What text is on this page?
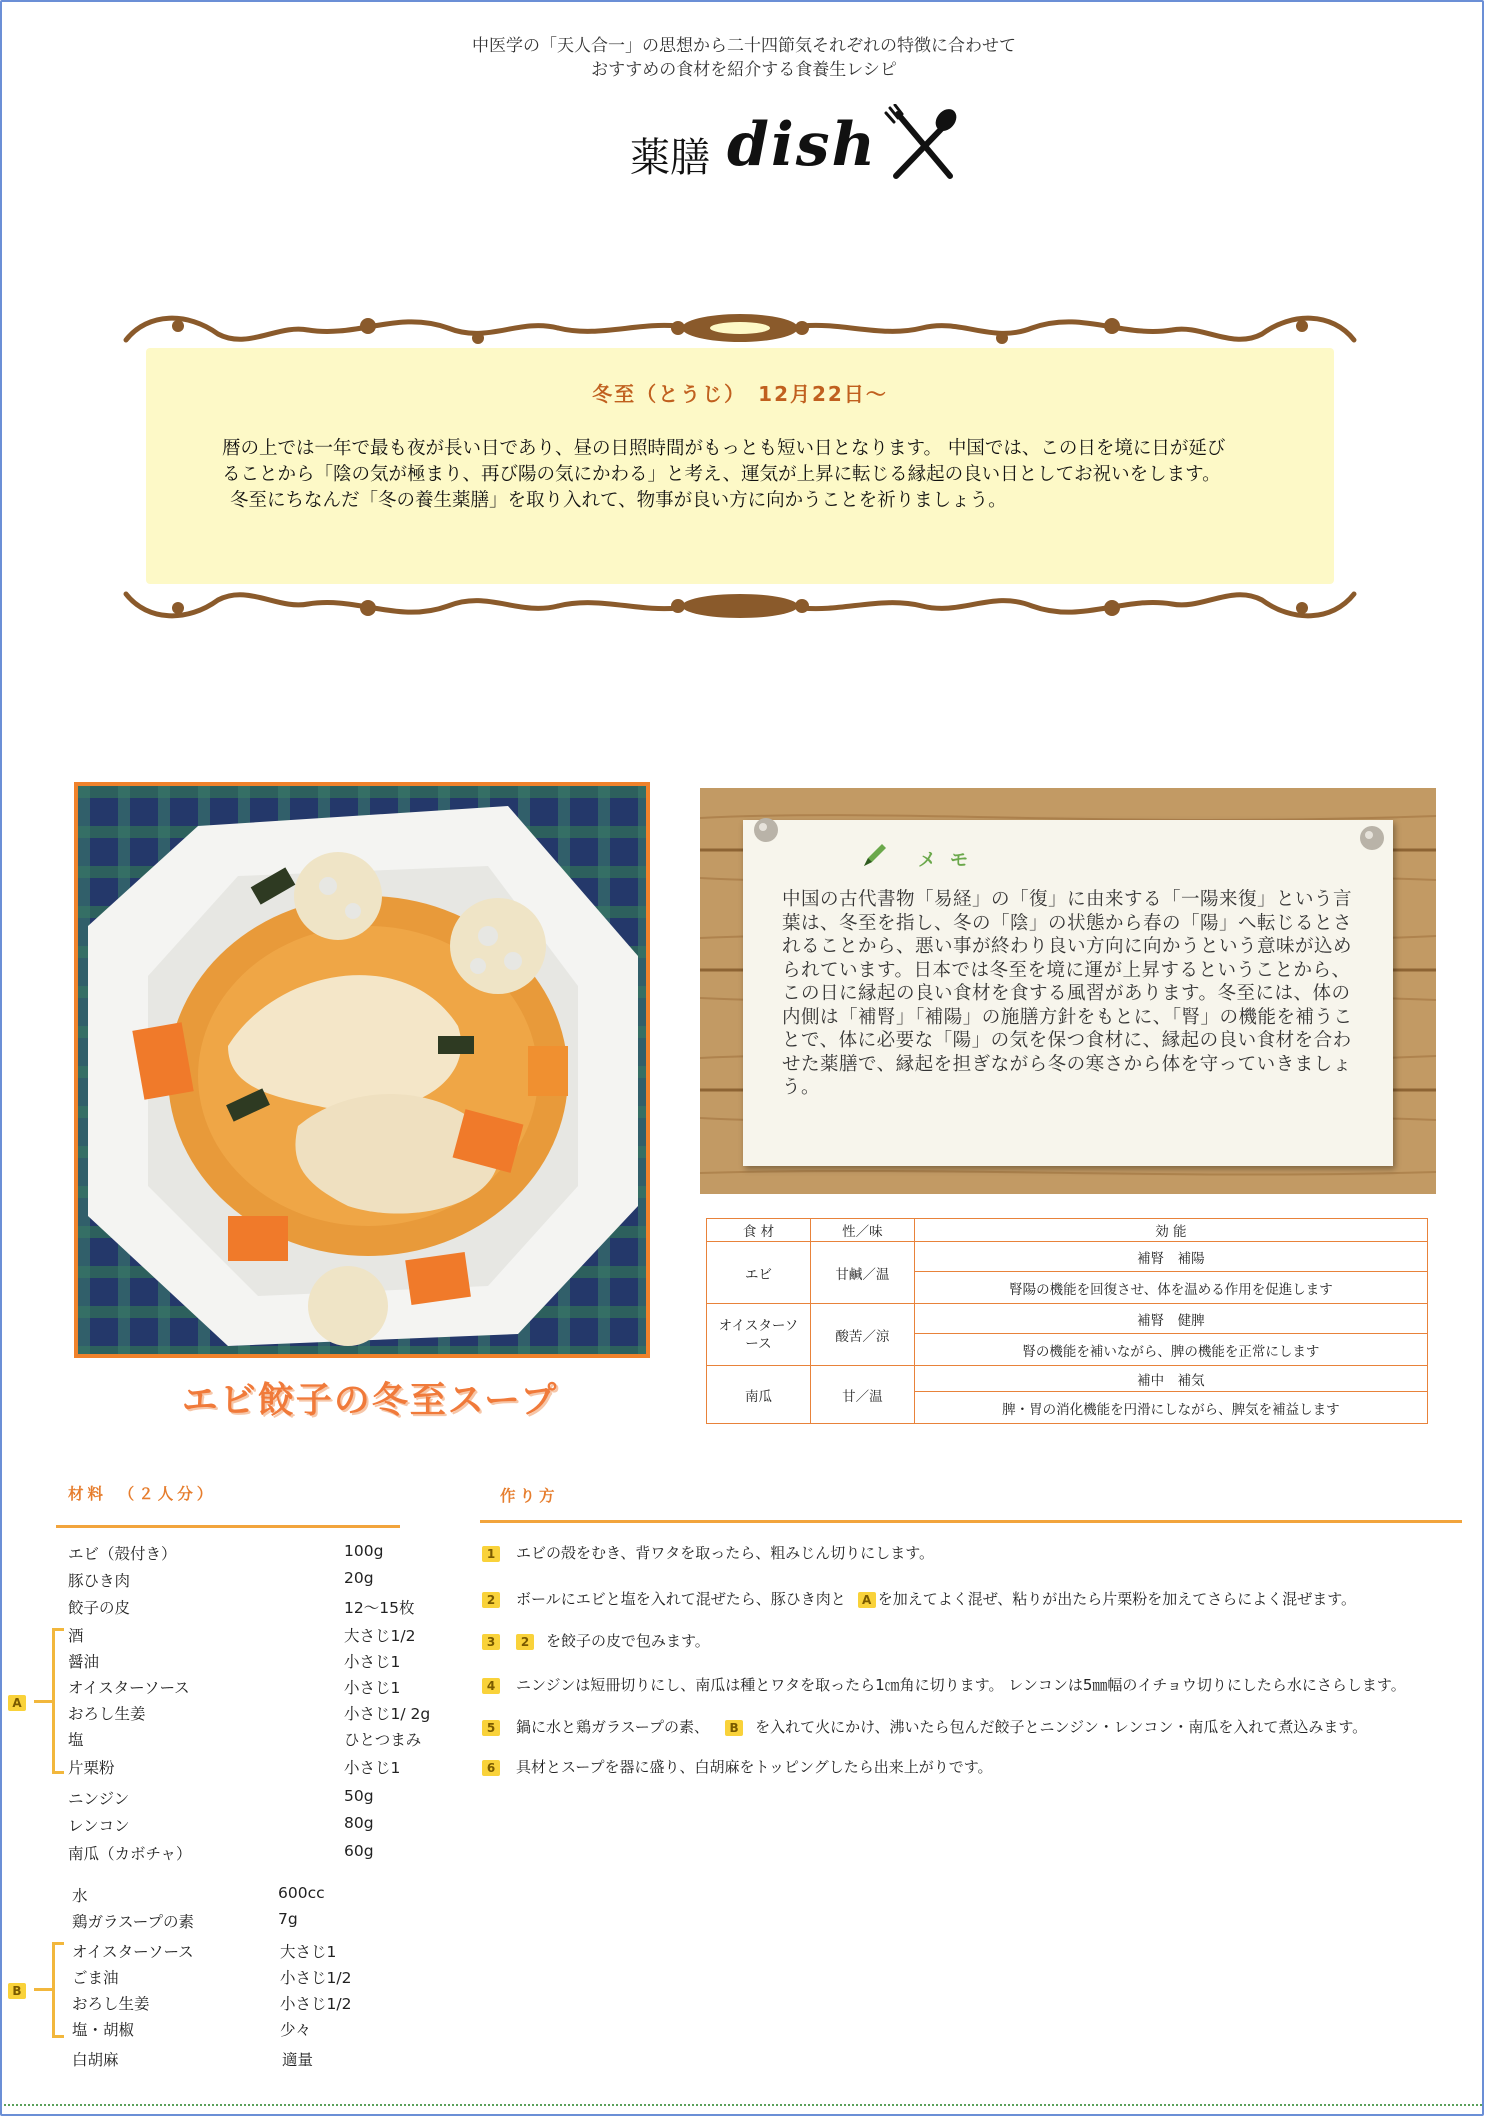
中医学の「天人合一」の思想から二十四節気それぞれの特徴に合わせて
おすすめの食材を紹介する食養生レシピ
薬膳 dish
冬至（とうじ）　12月22日～

暦の上では一年で最も夜が長い日であり、昼の日照時間がもっとも短い日となります。 中国では、この日を境に日が延びることから「陰の気が極まり、再び陽の気にかわる」と考え、運気が上昇に転じる縁起の良い日としてお祝いをします。

冬至にちなんだ「冬の養生薬膳」を取り入れて、物事が良い方に向かうことを祈りましょう。

エビ餃子の冬至スープ
メモ
中国の古代書物「易経」の「復」に由来する「一陽来復」という言葉は、冬至を指し、冬の「陰」の状態から春の「陽」へ転じるとされることから、悪い事が終わり良い方向に向かうという意味が込められています。日本では冬至を境に運が上昇するということから、この日に縁起の良い食材を食する風習があります。冬至には、体の内側は「補腎」「補陽」の施膳方針をもとに、「腎」の機能を補うことで、体に必要な「陽」の気を保つ食材に、縁起の良い食材を合わせた薬膳で、縁起を担ぎながら冬の寒さから体を守っていきましょう。
食 材	性／味	効 能
エビ	甘鹹／温	補腎　補陽
		腎陽の機能を回復させ、体を温める作用を促進します

オイスターソース	酸苦／涼	補腎　健脾
		腎の機能を補いながら、脾の機能を正常にします
南瓜	甘／温	補中　補気
		脾・胃の消化機能を円滑にしながら、脾気を補益します
材料　（２人分）
エビ（殻付き）	100g
豚ひき肉	20g
餃子の皮	12～15枚
A
酒	大さじ1/2
醤油	小さじ1
オイスターソース	小さじ1
おろし生姜	小さじ1/ 2g
塩	ひとつまみ
片栗粉	小さじ1
ニンジン	50g
レンコン	80g
南瓜（カボチャ）	60g
水	600cc
鶏ガラスープの素	7g
B
オイスターソース	大さじ1
ごま油	小さじ1/2
おろし生姜	小さじ1/2
塩・胡椒	少々
白胡麻	適量
作り方
1 エビの殻をむき、背ワタを取ったら、粗みじん切りにします。
2 ボールにエビと塩を入れて混ぜたら、豚ひき肉と A を加えてよく混ぜ、粘りが出たら片栗粉を加えてさらによく混ぜます。
3 2 を餃子の皮で包みます。
4 ニンジンは短冊切りにし、南瓜は種とワタを取ったら1㎝角に切ります。 レンコンは5㎜幅のイチョウ切りにしたら水にさらします。
5 鍋に水と鶏ガラスープの素、 B を入れて火にかけ、沸いたら包んだ餃子とニンジン・レンコン・南瓜を入れて煮込みます。
6 具材とスープを器に盛り、白胡麻をトッピングしたら出来上がりです。
